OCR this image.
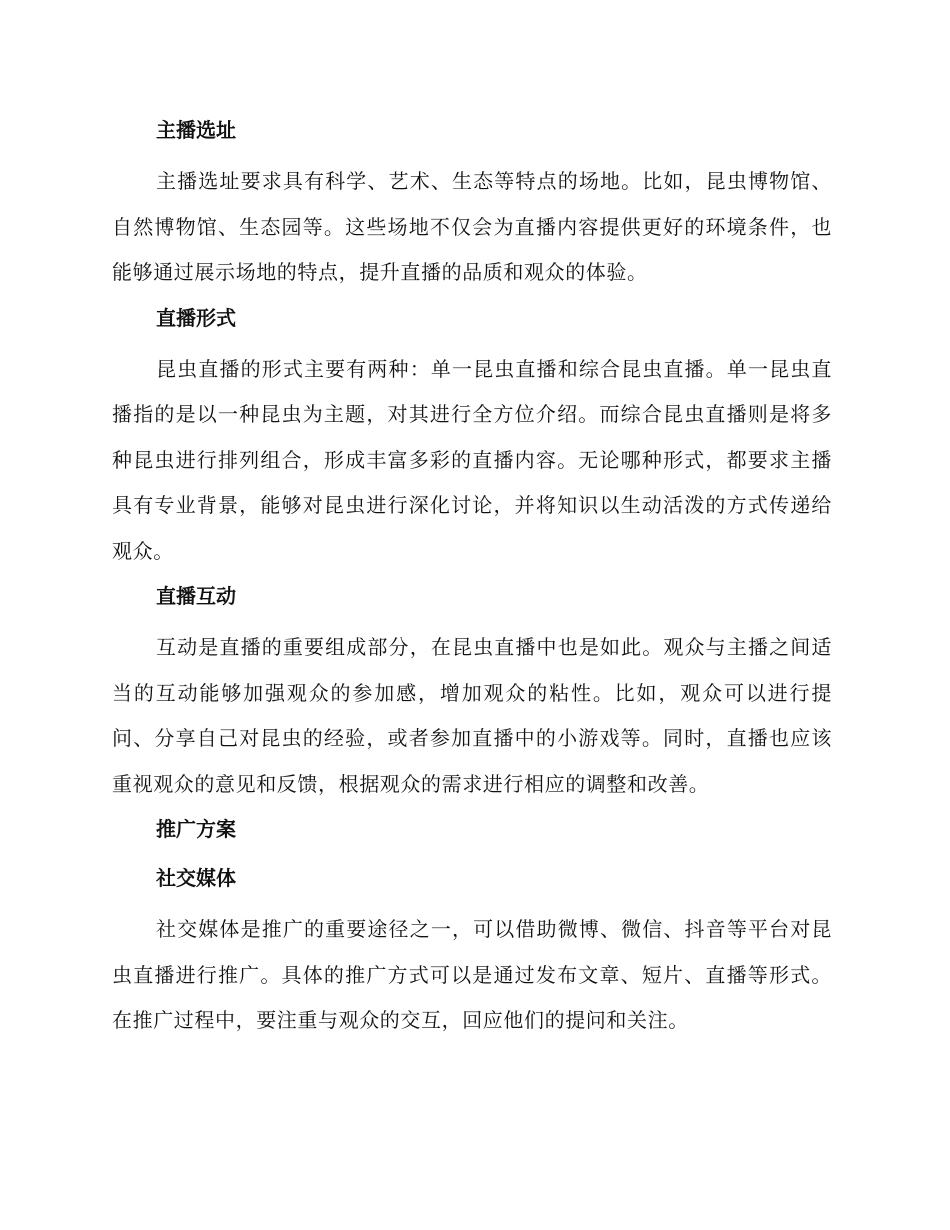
主播选址

主播选址要求具有科学、艺术、生态等特点的场地。比如，昆虫博物馆、自然博物馆、生态园等。这些场地不仅会为直播内容提供更好的环境条件，也能够通过展示场地的特点，提升直播的品质和观众的体验。

直播形式

昆虫直播的形式主要有两种：单一昆虫直播和综合昆虫直播。单一昆虫直播指的是以一种昆虫为主题，对其进行全方位介绍。而综合昆虫直播则是将多种昆虫进行排列组合，形成丰富多彩的直播内容。无论哪种形式，都要求主播具有专业背景，能够对昆虫进行深化讨论，并将知识以生动活泼的方式传递给观众。

直播互动

互动是直播的重要组成部分，在昆虫直播中也是如此。观众与主播之间适当的互动能够加强观众的参加感，增加观众的粘性。比如，观众可以进行提问、分享自己对昆虫的经验，或者参加直播中的小游戏等。同时，直播也应该重视观众的意见和反馈，根据观众的需求进行相应的调整和改善。

推广方案
社交媒体

社交媒体是推广的重要途径之一，可以借助微博、微信、抖音等平台对昆虫直播进行推广。具体的推广方式可以是通过发布文章、短片、直播等形式。在推广过程中，要注重与观众的交互，回应他们的提问和关注。
